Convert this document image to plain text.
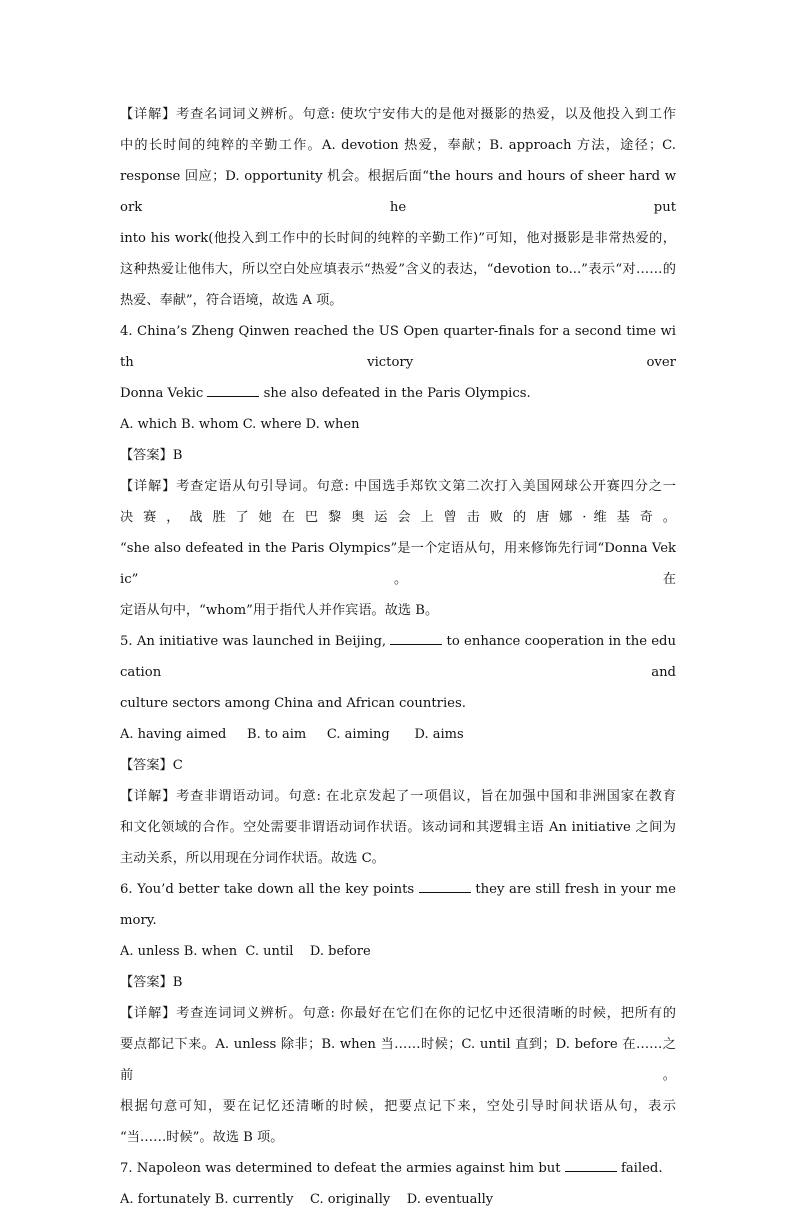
【详解】考查名词词义辨析。句意: 使坎宁安伟大的是他对摄影的热爱，以及他投入到工作

中的长时间的纯粹的辛勤工作。A. devotion 热爱，奉献；B. approach 方法，途径；C.

response 回应；D. opportunity 机会。根据后面“the hours and hours of sheer hard work he put

into his work(他投入到工作中的长时间的纯粹的辛勤工作)”可知，他对摄影是非常热爱的，

这种热爱让他伟大，所以空白处应填表示“热爱”含义的表达，“devotion to...”表示“对……的

热爱、奉献”，符合语境，故选 A 项。

4. China’s Zheng Qinwen reached the US Open quarter-finals for a second time with victory over

Donna Vekic	she also defeated in the Paris Olympics.

A. which B. whom C. where D. when

【答案】B

【详解】考查定语从句引导词。句意: 中国选手郑钦文第二次打入美国网球公开赛四分之一

决 赛 ， 战 胜 了 她 在 巴 黎 奥 运 会 上 曾 击 败 的 唐 娜 · 维 基 奇 。

“she also defeated in the Paris Olympics”是一个定语从句，用来修饰先行词“Donna Vekic”。在

定语从句中，“whom”用于指代人并作宾语。故选 B。

5. An initiative was launched in Beijing,	to enhance cooperation in the education and

culture sectors among China and African countries.

A. having aimed     B. to aim     C. aiming      D. aims

【答案】C

【详解】考查非谓语动词。句意: 在北京发起了一项倡议，旨在加强中国和非洲国家在教育

和文化领域的合作。空处需要非谓语动词作状语。该动词和其逻辑主语 An initiative 之间为

主动关系，所以用现在分词作状语。故选 C。

6. You’d better take down all the key points	they are still fresh in your memory.

A. unless B. when  C. until    D. before

【答案】B

【详解】考查连词词义辨析。句意: 你最好在它们在你的记忆中还很清晰的时候，把所有的

要点都记下来。A. unless 除非；B. when 当……时候；C. until 直到；D. before 在……之前。

根据句意可知，要在记忆还清晰的时候，把要点记下来，空处引导时间状语从句，表示

“当……时候”。故选 B 项。

7. Napoleon was determined to defeat the armies against him but	failed.

A. fortunately B. currently    C. originally    D. eventually
